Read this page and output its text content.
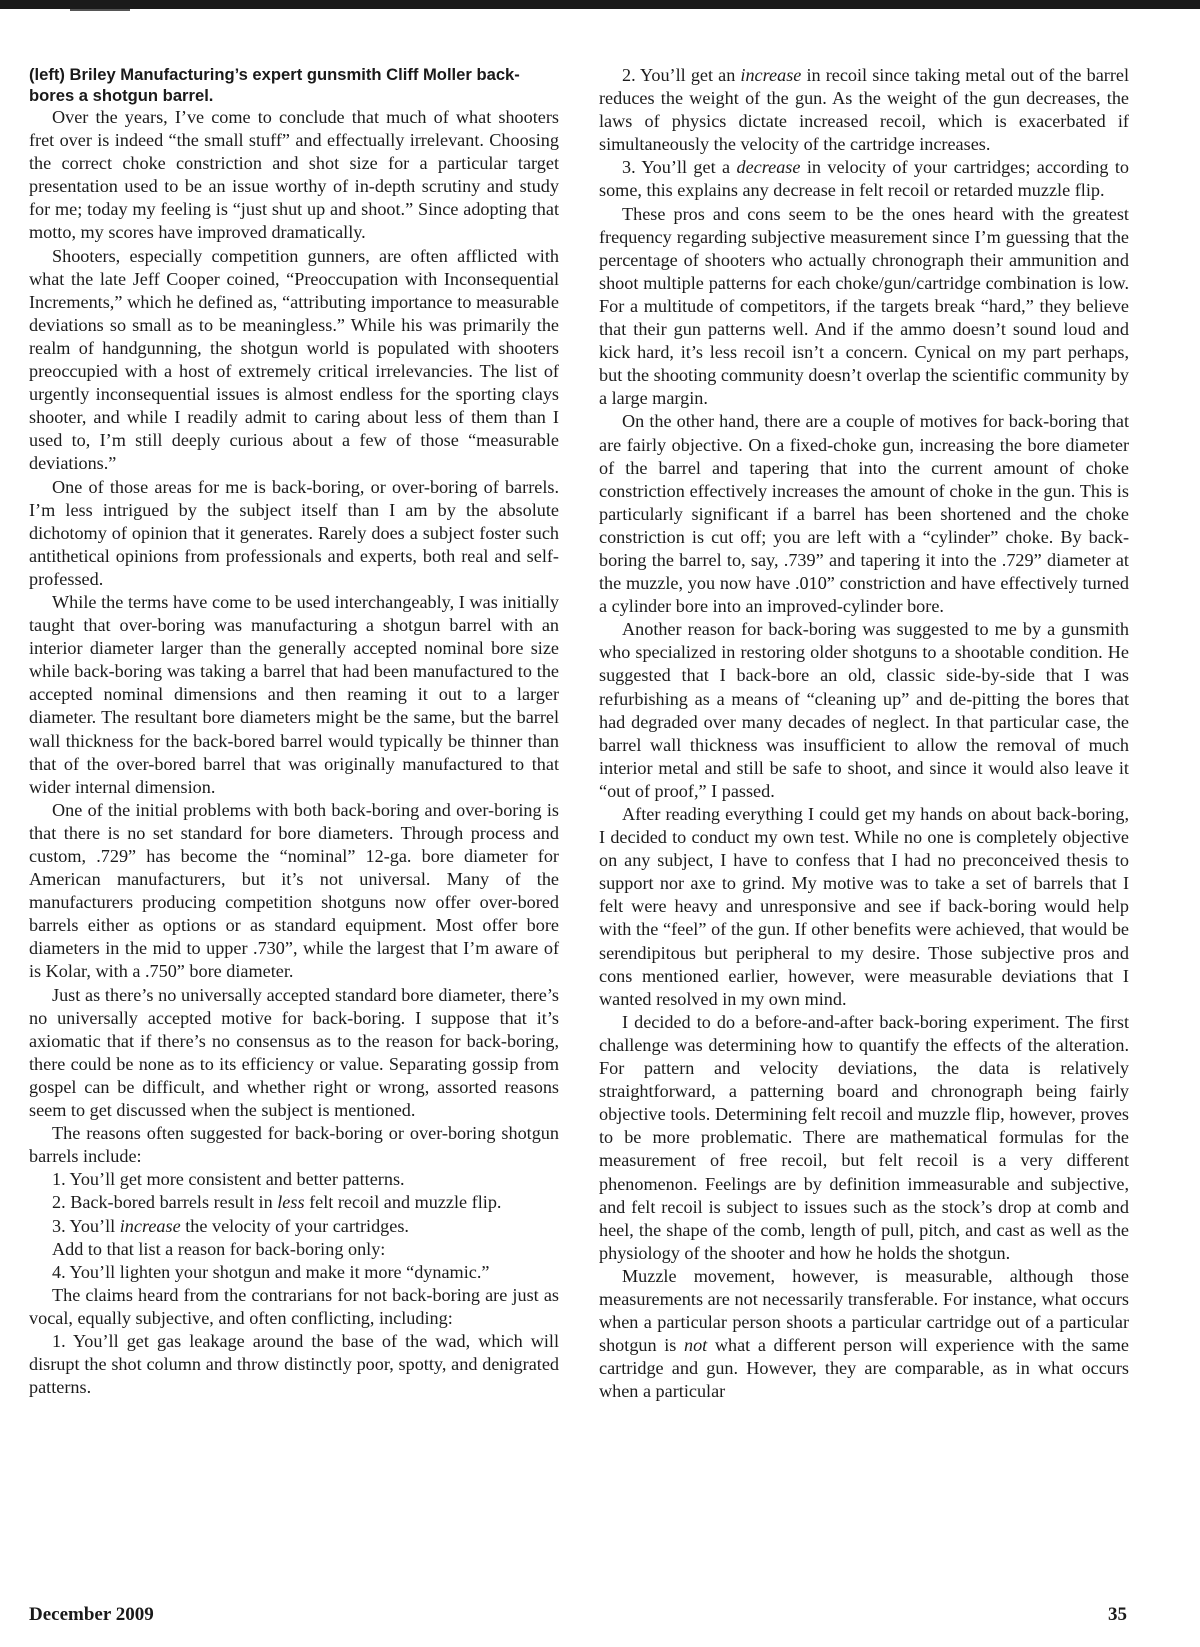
(left) Briley Manufacturing’s expert gunsmith Cliff Moller backbores a shotgun barrel.

Over the years, I’ve come to conclude that much of what shooters fret over is indeed “the small stuff” and effectually irrelevant. Choosing the correct choke constriction and shot size for a particular target presentation used to be an issue worthy of in-depth scrutiny and study for me; today my feeling is “just shut up and shoot.” Since adopting that motto, my scores have improved dramatically.

Shooters, especially competition gunners, are often afflicted with what the late Jeff Cooper coined, “Preoccupation with Inconsequential Increments,” which he defined as, “attributing importance to measurable deviations so small as to be meaningless.” While his was primarily the realm of handgunning, the shotgun world is populated with shooters preoccupied with a host of extremely critical irrelevancies. The list of urgently inconsequential issues is almost endless for the sporting clays shooter, and while I readily admit to caring about less of them than I used to, I’m still deeply curious about a few of those “measurable deviations.”

One of those areas for me is back-boring, or over-boring of barrels. I’m less intrigued by the subject itself than I am by the absolute dichotomy of opinion that it generates. Rarely does a subject foster such antithetical opinions from professionals and experts, both real and self-professed.

While the terms have come to be used interchangeably, I was initially taught that over-boring was manufacturing a shotgun barrel with an interior diameter larger than the generally accepted nominal bore size while back-boring was taking a barrel that had been manufactured to the accepted nominal dimensions and then reaming it out to a larger diameter. The resultant bore diameters might be the same, but the barrel wall thickness for the back-bored barrel would typically be thinner than that of the over-bored barrel that was originally manufactured to that wider internal dimension.

One of the initial problems with both back-boring and over-boring is that there is no set standard for bore diameters. Through process and custom, .729” has become the “nominal” 12-ga. bore diameter for American manufacturers, but it’s not universal. Many of the manufacturers producing competition shotguns now offer over-bored barrels either as options or as standard equipment. Most offer bore diameters in the mid to upper .730”, while the largest that I’m aware of is Kolar, with a .750” bore diameter.

Just as there’s no universally accepted standard bore diameter, there’s no universally accepted motive for back-boring. I suppose that it’s axiomatic that if there’s no consensus as to the reason for back-boring, there could be none as to its efficiency or value. Separating gossip from gospel can be difficult, and whether right or wrong, assorted reasons seem to get discussed when the subject is mentioned.

The reasons often suggested for back-boring or over-boring shotgun barrels include:

1. You’ll get more consistent and better patterns.

2. Back-bored barrels result in less felt recoil and muzzle flip.

3. You’ll increase the velocity of your cartridges.

Add to that list a reason for back-boring only:

4. You’ll lighten your shotgun and make it more “dynamic.”

The claims heard from the contrarians for not back-boring are just as vocal, equally subjective, and often conflicting, including:

1. You’ll get gas leakage around the base of the wad, which will disrupt the shot column and throw distinctly poor, spotty, and denigrated patterns.

2. You’ll get an increase in recoil since taking metal out of the barrel reduces the weight of the gun. As the weight of the gun decreases, the laws of physics dictate increased recoil, which is exacerbated if simultaneously the velocity of the cartridge increases.

3. You’ll get a decrease in velocity of your cartridges; according to some, this explains any decrease in felt recoil or retarded muzzle flip.

These pros and cons seem to be the ones heard with the greatest frequency regarding subjective measurement since I’m guessing that the percentage of shooters who actually chronograph their ammunition and shoot multiple patterns for each choke/gun/cartridge combination is low. For a multitude of competitors, if the targets break “hard,” they believe that their gun patterns well. And if the ammo doesn’t sound loud and kick hard, it’s less recoil isn’t a concern. Cynical on my part perhaps, but the shooting community doesn’t overlap the scientific community by a large margin.

On the other hand, there are a couple of motives for back-boring that are fairly objective. On a fixed-choke gun, increasing the bore diameter of the barrel and tapering that into the current amount of choke constriction effectively increases the amount of choke in the gun. This is particularly significant if a barrel has been shortened and the choke constriction is cut off; you are left with a “cylinder” choke. By back-boring the barrel to, say, .739” and tapering it into the .729” diameter at the muzzle, you now have .010” constriction and have effectively turned a cylinder bore into an improved-cylinder bore.

Another reason for back-boring was suggested to me by a gunsmith who specialized in restoring older shotguns to a shootable condition. He suggested that I back-bore an old, classic side-by-side that I was refurbishing as a means of “cleaning up” and de-pitting the bores that had degraded over many decades of neglect. In that particular case, the barrel wall thickness was insufficient to allow the removal of much interior metal and still be safe to shoot, and since it would also leave it “out of proof,” I passed.

After reading everything I could get my hands on about back-boring, I decided to conduct my own test. While no one is completely objective on any subject, I have to confess that I had no preconceived thesis to support nor axe to grind. My motive was to take a set of barrels that I felt were heavy and unresponsive and see if back-boring would help with the “feel” of the gun. If other benefits were achieved, that would be serendipitous but peripheral to my desire. Those subjective pros and cons mentioned earlier, however, were measurable deviations that I wanted resolved in my own mind.

I decided to do a before-and-after back-boring experiment. The first challenge was determining how to quantify the effects of the alteration. For pattern and velocity deviations, the data is relatively straightforward, a patterning board and chronograph being fairly objective tools. Determining felt recoil and muzzle flip, however, proves to be more problematic. There are mathematical formulas for the measurement of free recoil, but felt recoil is a very different phenomenon. Feelings are by definition immeasurable and subjective, and felt recoil is subject to issues such as the stock’s drop at comb and heel, the shape of the comb, length of pull, pitch, and cast as well as the physiology of the shooter and how he holds the shotgun.

Muzzle movement, however, is measurable, although those measurements are not necessarily transferable. For instance, what occurs when a particular person shoots a particular cartridge out of a particular shotgun is not what a different person will experience with the same cartridge and gun. However, they are comparable, as in what occurs when a particular

December 2009	35
